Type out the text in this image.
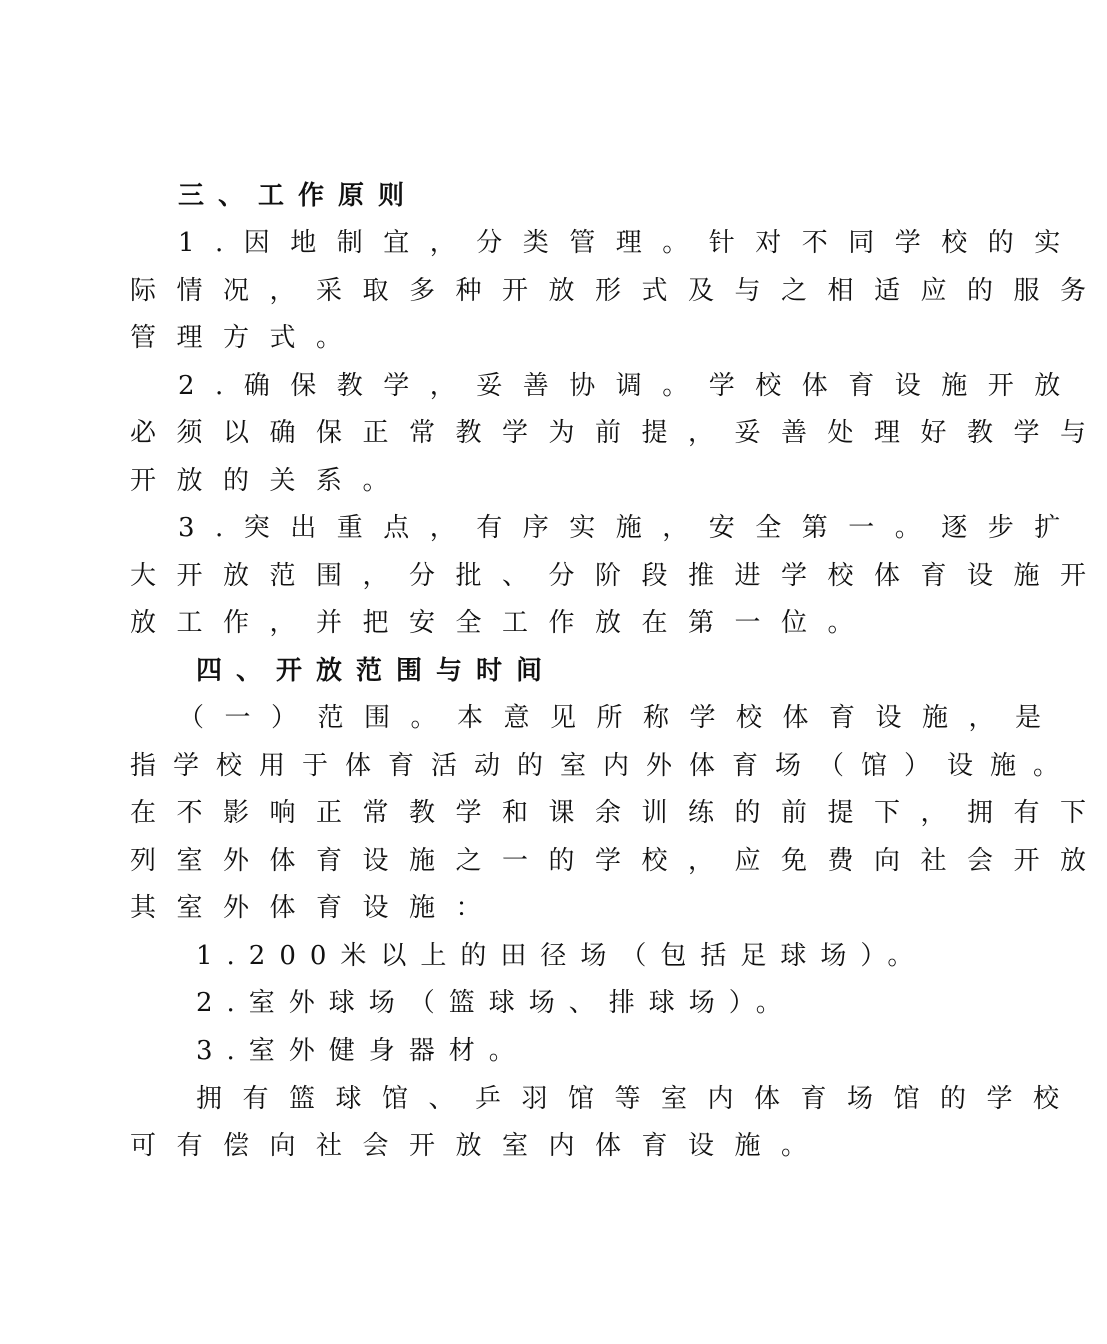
三、工作原则
1.因地制宜，分类管理。针对不同学校的实
际情况，采取多种开放形式及与之相适应的服务
管理方式。
2.确保教学，妥善协调。学校体育设施开放
必须以确保正常教学为前提，妥善处理好教学与
开放的关系。
3.突出重点，有序实施，安全第一。逐步扩
大开放范围，分批、分阶段推进学校体育设施开
放工作，并把安全工作放在第一位。
四、开放范围与时间
（一）范围。本意见所称学校体育设施，是
指学校用于体育活动的室内外体育场（馆）设施。
在不影响正常教学和课余训练的前提下，拥有下
列室外体育设施之一的学校，应免费向社会开放
其室外体育设施：
1.200米以上的田径场（包括足球场）。
2.室外球场（篮球场、排球场）。
3.室外健身器材。
拥有篮球馆、乒羽馆等室内体育场馆的学校
可有偿向社会开放室内体育设施。
